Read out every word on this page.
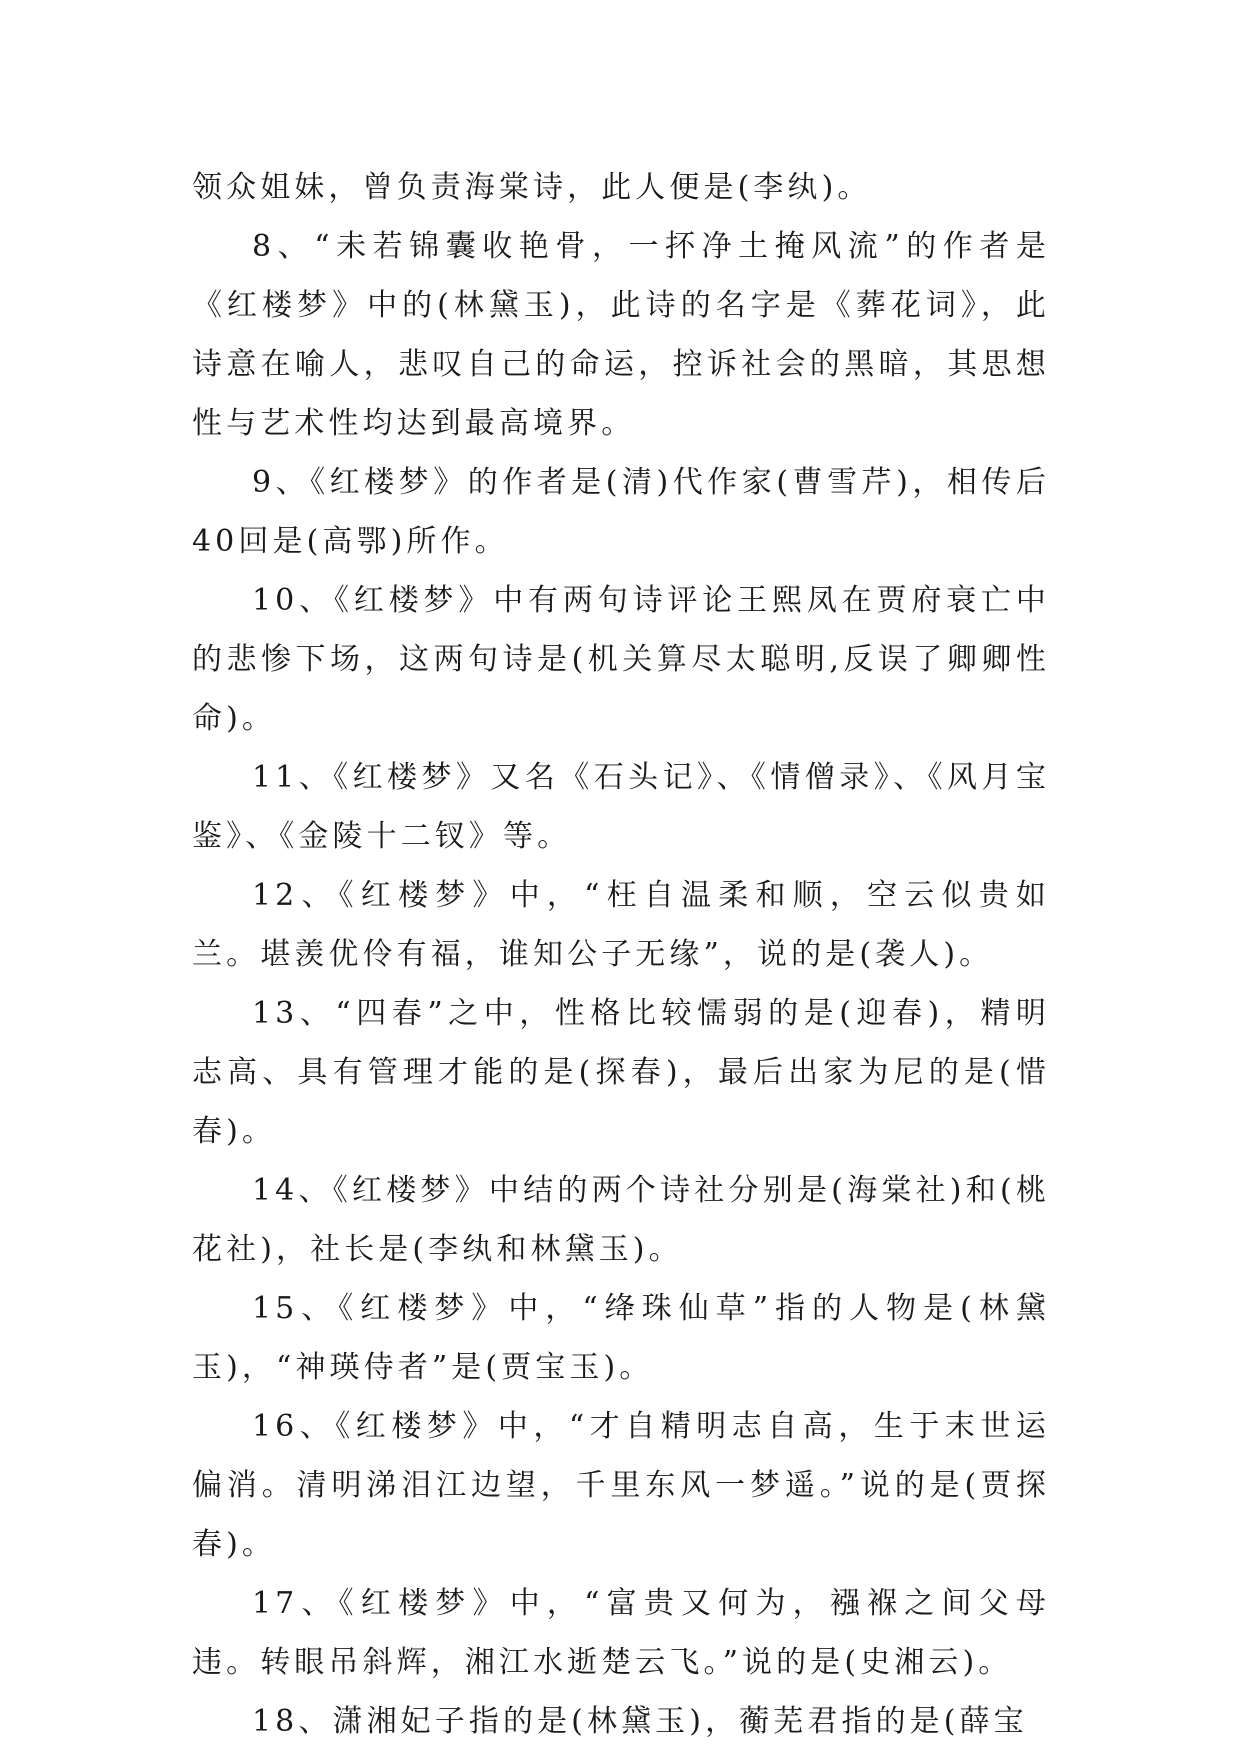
领众姐妹，曾负责海棠诗，此人便是(李纨)。

8、“未若锦囊收艳骨，一抔净土掩风流”的作者是《红楼梦》中的(林黛玉)，此诗的名字是《葬花词》，此诗意在喻人，悲叹自己的命运，控诉社会的黑暗，其思想性与艺术性均达到最高境界。

9、《红楼梦》的作者是(清)代作家(曹雪芹)，相传后40回是(高鄂)所作。

10、《红楼梦》中有两句诗评论王熙凤在贾府衰亡中的悲惨下场，这两句诗是(机关算尽太聪明,反误了卿卿性命)。

11、《红楼梦》又名《石头记》、《情僧录》、《风月宝鉴》、《金陵十二钗》等。

12、《红楼梦》中，“枉自温柔和顺，空云似贵如兰。堪羡优伶有福，谁知公子无缘”，说的是(袭人)。

13、“四春”之中，性格比较懦弱的是(迎春)，精明志高、具有管理才能的是(探春)，最后出家为尼的是(惜春)。

14、《红楼梦》中结的两个诗社分别是(海棠社)和(桃花社)，社长是(李纨和林黛玉)。

15、《红楼梦》中，“绛珠仙草”指的人物是(林黛玉)，“神瑛侍者”是(贾宝玉)。

16、《红楼梦》中，“才自精明志自高，生于末世运偏消。清明涕泪江边望，千里东风一梦遥。”说的是(贾探春)。

17、《红楼梦》中，“富贵又何为，襁褓之间父母违。转眼吊斜辉，湘江水逝楚云飞。”说的是(史湘云)。

18、潇湘妃子指的是(林黛玉)，蘅芜君指的是(薛宝
